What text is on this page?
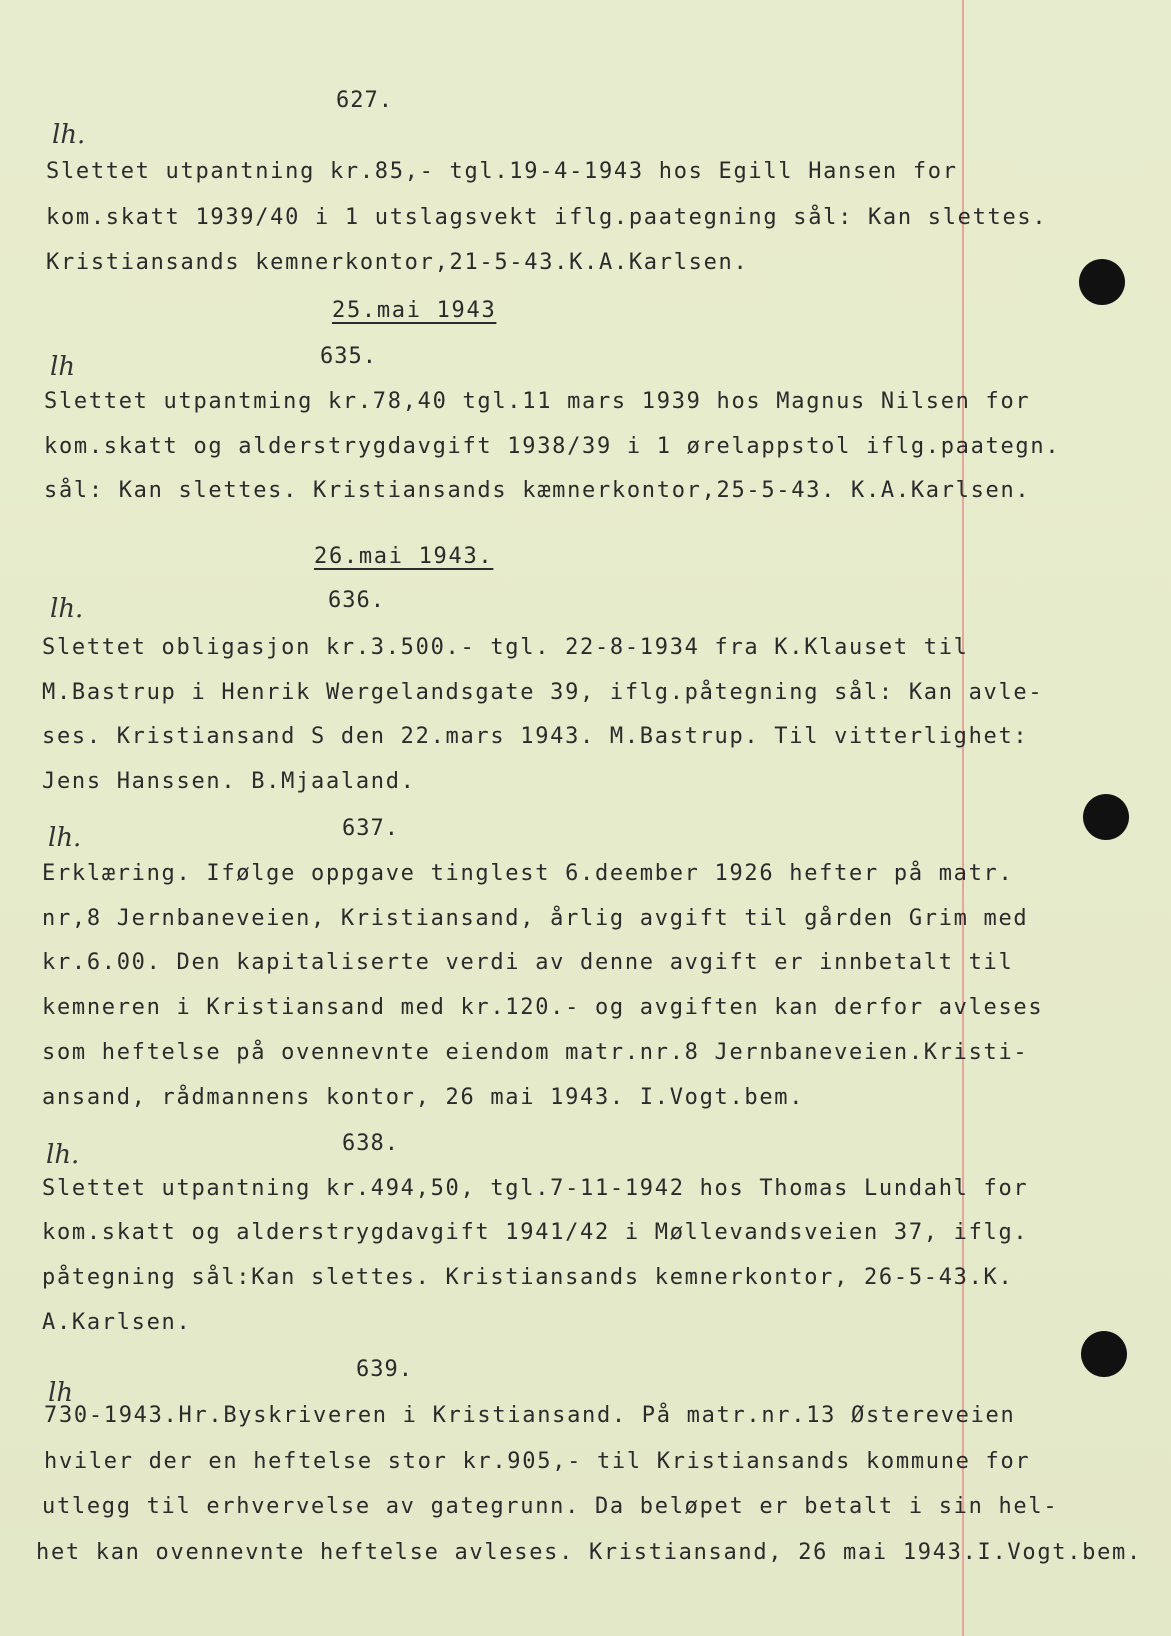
627.
Slettet utpantning kr.85,- tgl.19-4-1943 hos Egill Hansen for
kom.skatt 1939/40 i 1 utslagsvekt iflg.paategning sål: Kan slettes.
Kristiansands kemnerkontor,21-5-43.K.A.Karlsen.
25.mai 1943
635.
Slettet utpantming kr.78,40 tgl.11 mars 1939 hos Magnus Nilsen for
kom.skatt og alderstrygdavgift 1938/39 i 1 ørelappstol iflg.paategn.
sål: Kan slettes. Kristiansands kæmnerkontor,25-5-43. K.A.Karlsen.
26.mai 1943.
636.
Slettet obligasjon kr.3.500.- tgl. 22-8-1934 fra K.Klauset til
M.Bastrup i Henrik Wergelandsgate 39, iflg.påtegning sål: Kan avle-
ses. Kristiansand S den 22.mars 1943. M.Bastrup. Til vitterlighet:
Jens Hanssen. B.Mjaaland.
637.
Erklæring. Ifølge oppgave tinglest 6.deember 1926 hefter på matr.
nr,8 Jernbaneveien, Kristiansand, årlig avgift til gården Grim med
kr.6.00. Den kapitaliserte verdi av denne avgift er innbetalt til
kemneren i Kristiansand med kr.120.- og avgiften kan derfor avleses
som heftelse på ovennevnte eiendom matr.nr.8 Jernbaneveien.Kristi-
ansand, rådmannens kontor, 26 mai 1943. I.Vogt.bem.
638.
Slettet utpantning kr.494,50, tgl.7-11-1942 hos Thomas Lundahl for
kom.skatt og alderstrygdavgift 1941/42 i Møllevandsveien 37, iflg.
påtegning sål:Kan slettes. Kristiansands kemnerkontor, 26-5-43.K.
A.Karlsen.
639.
730-1943.Hr.Byskriveren i Kristiansand. På matr.nr.13 Østereveien
hviler der en heftelse stor kr.905,- til Kristiansands kommune for
utlegg til erhvervelse av gategrunn. Da beløpet er betalt i sin hel-
het kan ovennevnte heftelse avleses. Kristiansand, 26 mai 1943.I.Vogt.bem.
lh.
lh
lh.
lh.
lh.
lh
